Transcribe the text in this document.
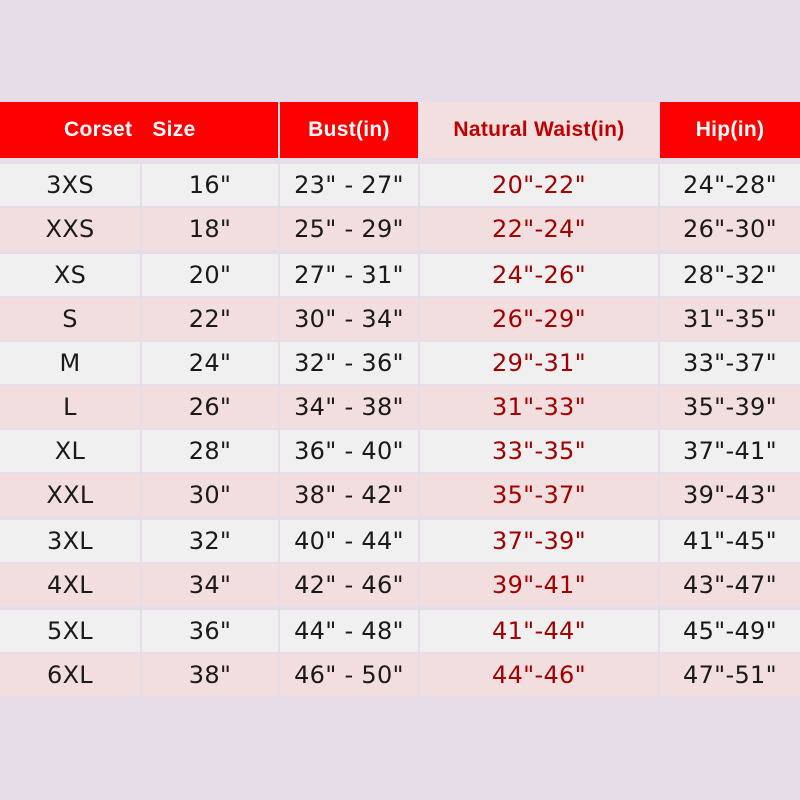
Corset Size	Bust(in)	Natural Waist(in)	Hip(in)
3XS	16"	23" - 27"	20"-22"	24"-28"
XXS	18"	25" - 29"	22"-24"	26"-30"
XS	20"	27" - 31"	24"-26"	28"-32"
S	22"	30" - 34"	26"-29"	31"-35"
M	24"	32" - 36"	29"-31"	33"-37"
L	26"	34" - 38"	31"-33"	35"-39"
XL	28"	36" - 40"	33"-35"	37"-41"
XXL	30"	38" - 42"	35"-37"	39"-43"
3XL	32"	40" - 44"	37"-39"	41"-45"
4XL	34"	42" - 46"	39"-41"	43"-47"
5XL	36"	44" - 48"	41"-44"	45"-49"
6XL	38"	46" - 50"	44"-46"	47"-51"
